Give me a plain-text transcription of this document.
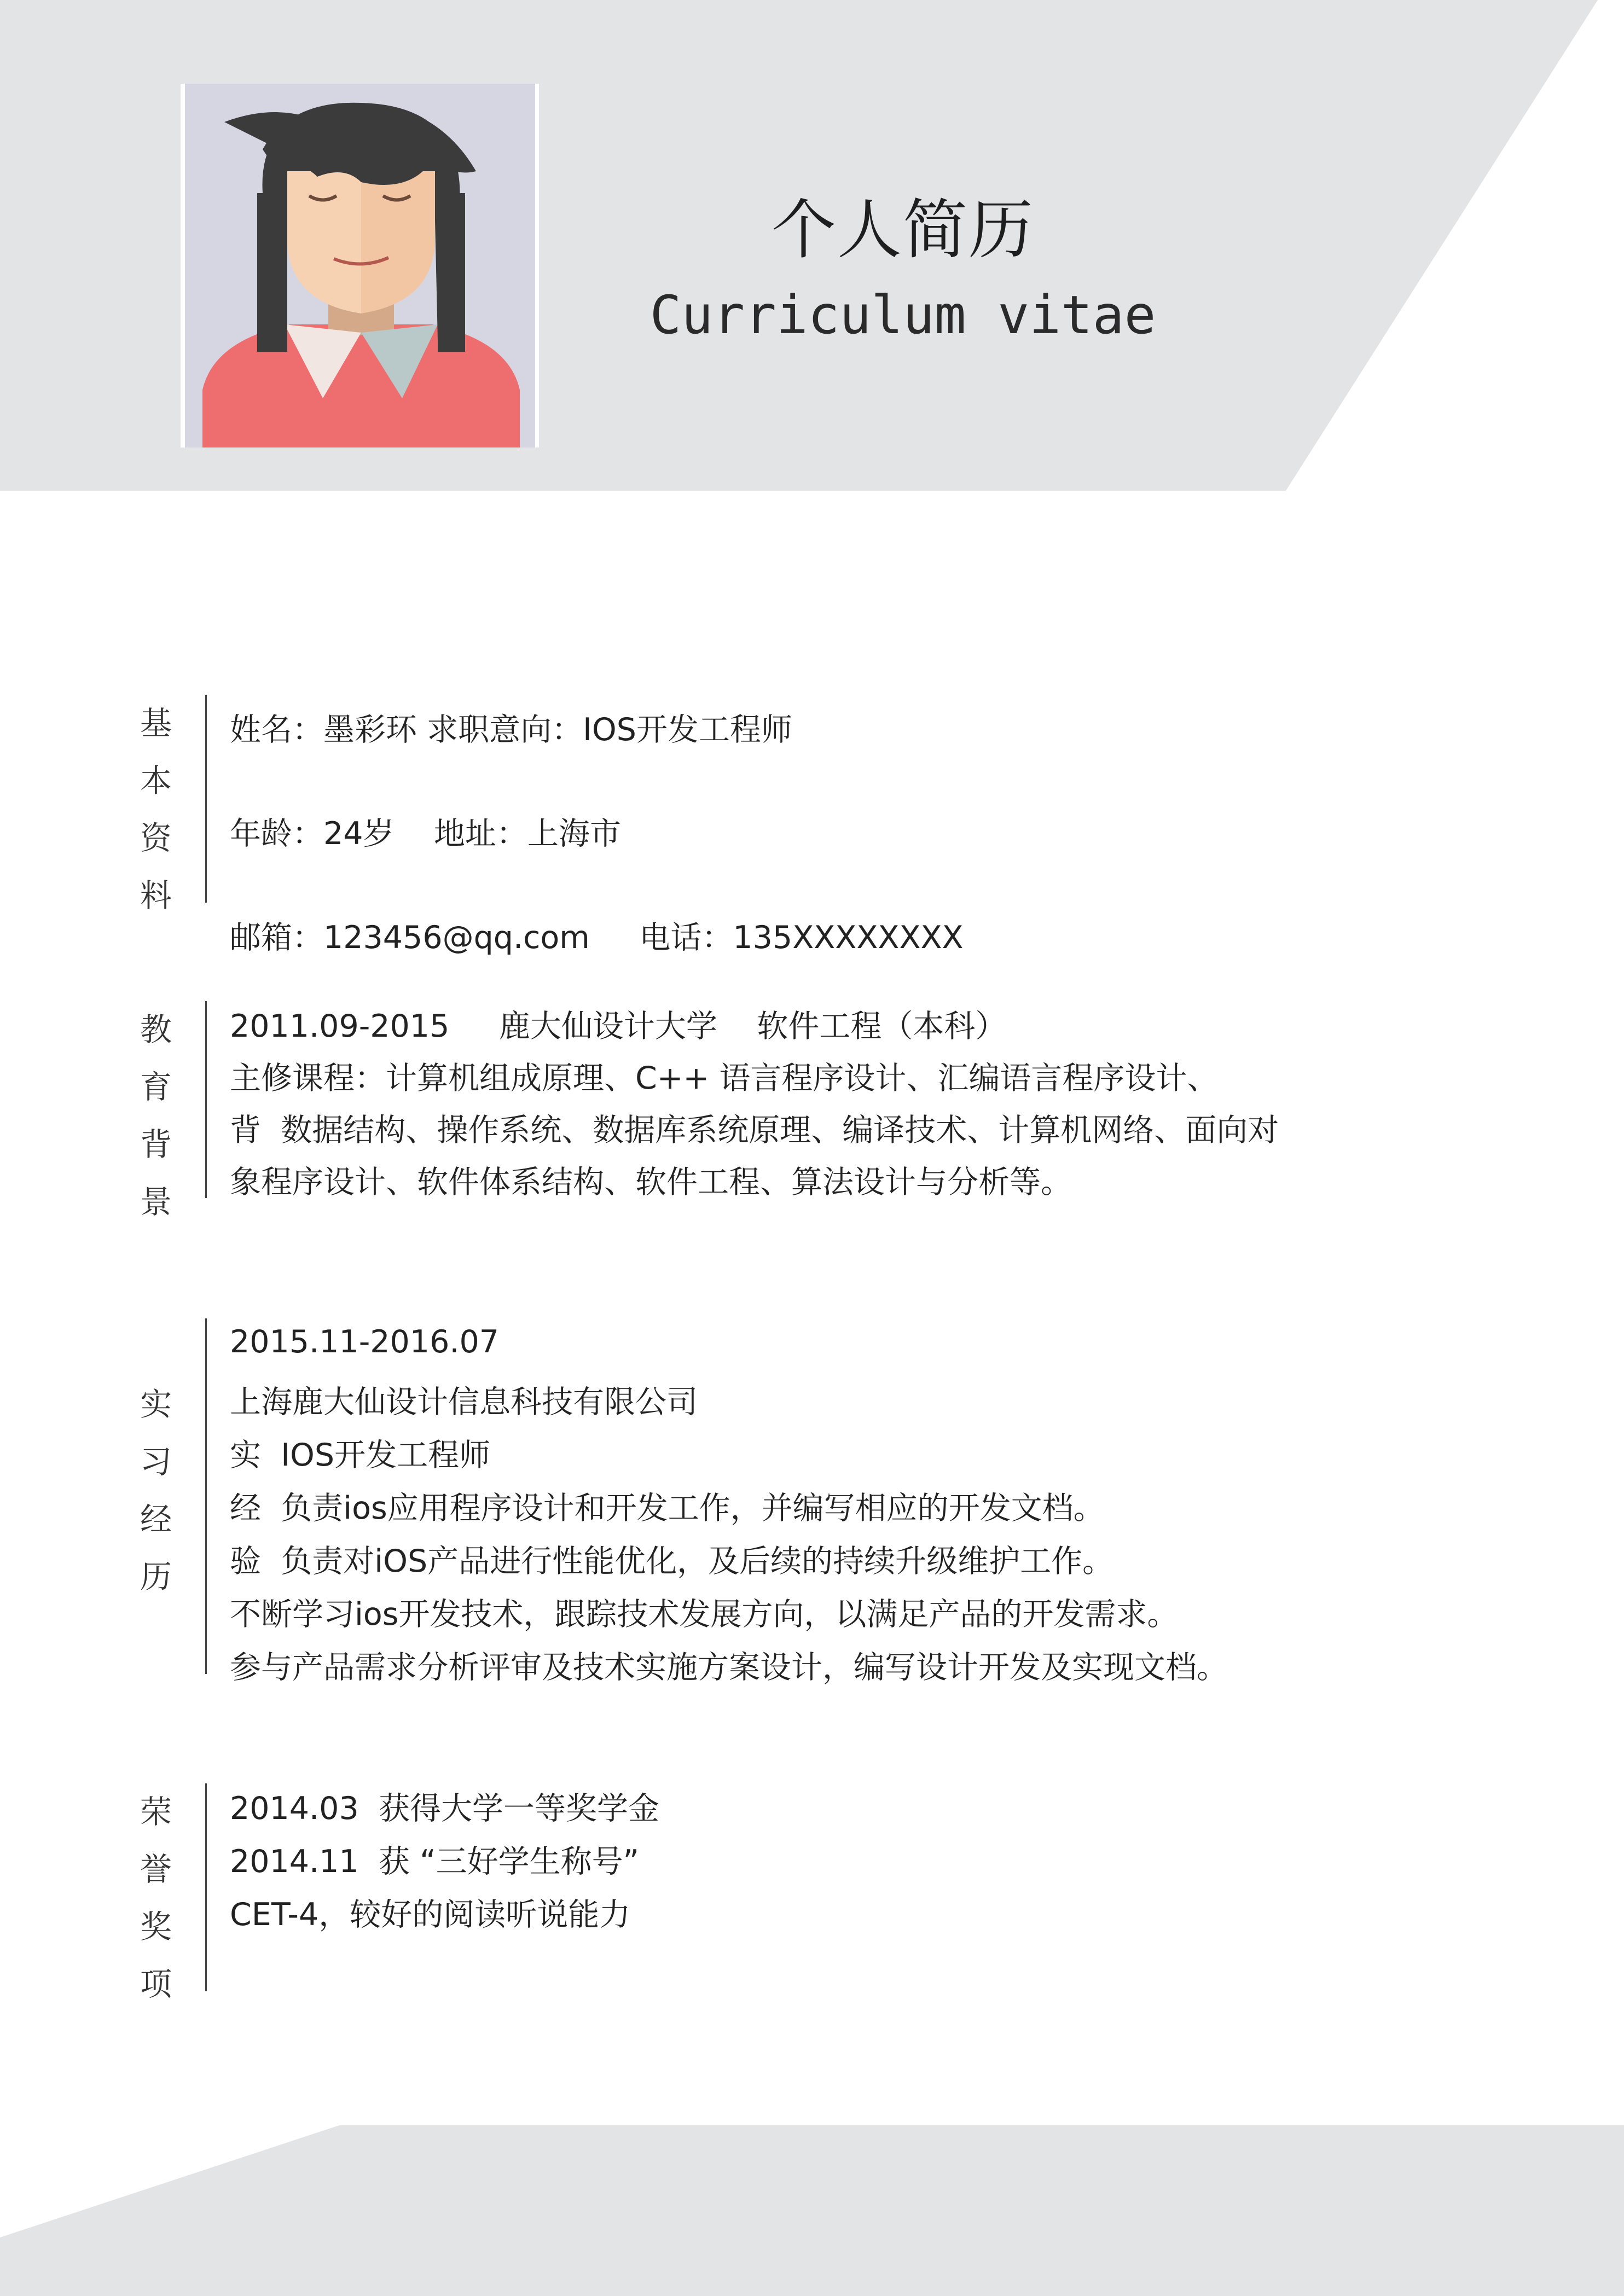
个人简历
Curriculum vitae
基
本
资
料
姓名：墨彩环 求职意向：IOS开发工程师
年龄：24岁    地址：上海市
邮箱：123456@qq.com     电话：135XXXXXXXX
教
育
背
景
2011.09-2015     鹿大仙设计大学    软件工程（本科）
主修课程：计算机组成原理、C++ 语言程序设计、汇编语言程序设计、
背  数据结构、操作系统、数据库系统原理、编译技术、计算机网络、面向对
象程序设计、软件体系结构、软件工程、算法设计与分析等。
实
习
经
历
2015.11-2016.07
上海鹿大仙设计信息科技有限公司
实  IOS开发工程师
经  负责ios应用程序设计和开发工作，并编写相应的开发文档。
验  负责对iOS产品进行性能优化，及后续的持续升级维护工作。
不断学习ios开发技术，跟踪技术发展方向，以满足产品的开发需求。
参与产品需求分析评审及技术实施方案设计，编写设计开发及实现文档。
荣
誉
奖
项
2014.03  获得大学一等奖学金
2014.11  获 “三好学生称号”
CET-4，较好的阅读听说能力
